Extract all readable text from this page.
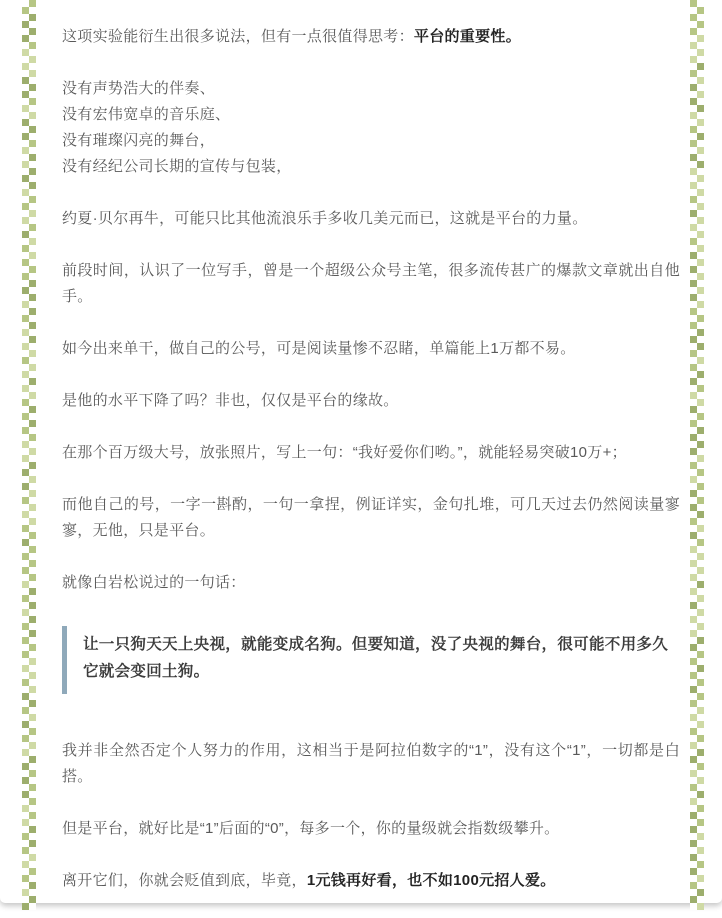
这项实验能衍生出很多说法，但有一点很值得思考：平台的重要性。

没有声势浩大的伴奏、
没有宏伟宽卓的音乐庭、
没有璀璨闪亮的舞台，
没有经纪公司长期的宣传与包装，

约夏·贝尔再牛，可能只比其他流浪乐手多收几美元而已，这就是平台的力量。

前段时间，认识了一位写手，曾是一个超级公众号主笔，很多流传甚广的爆款文章就出自他手。

如今出来单干，做自己的公号，可是阅读量惨不忍睹，单篇能上1万都不易。

是他的水平下降了吗？非也，仅仅是平台的缘故。

在那个百万级大号，放张照片，写上一句：“我好爱你们哟。”，就能轻易突破10万+；

而他自己的号，一字一斟酌，一句一拿捏，例证详实，金句扎堆，可几天过去仍然阅读量寥寥，无他，只是平台。

就像白岩松说过的一句话：

让一只狗天天上央视，就能变成名狗。但要知道，没了央视的舞台，很可能不用多久它就会变回土狗。

我并非全然否定个人努力的作用，这相当于是阿拉伯数字的“1”，没有这个“1”，一切都是白搭。

但是平台，就好比是“1”后面的“0”，每多一个，你的量级就会指数级攀升。

离开它们，你就会贬值到底，毕竟，1元钱再好看，也不如100元招人爱。
